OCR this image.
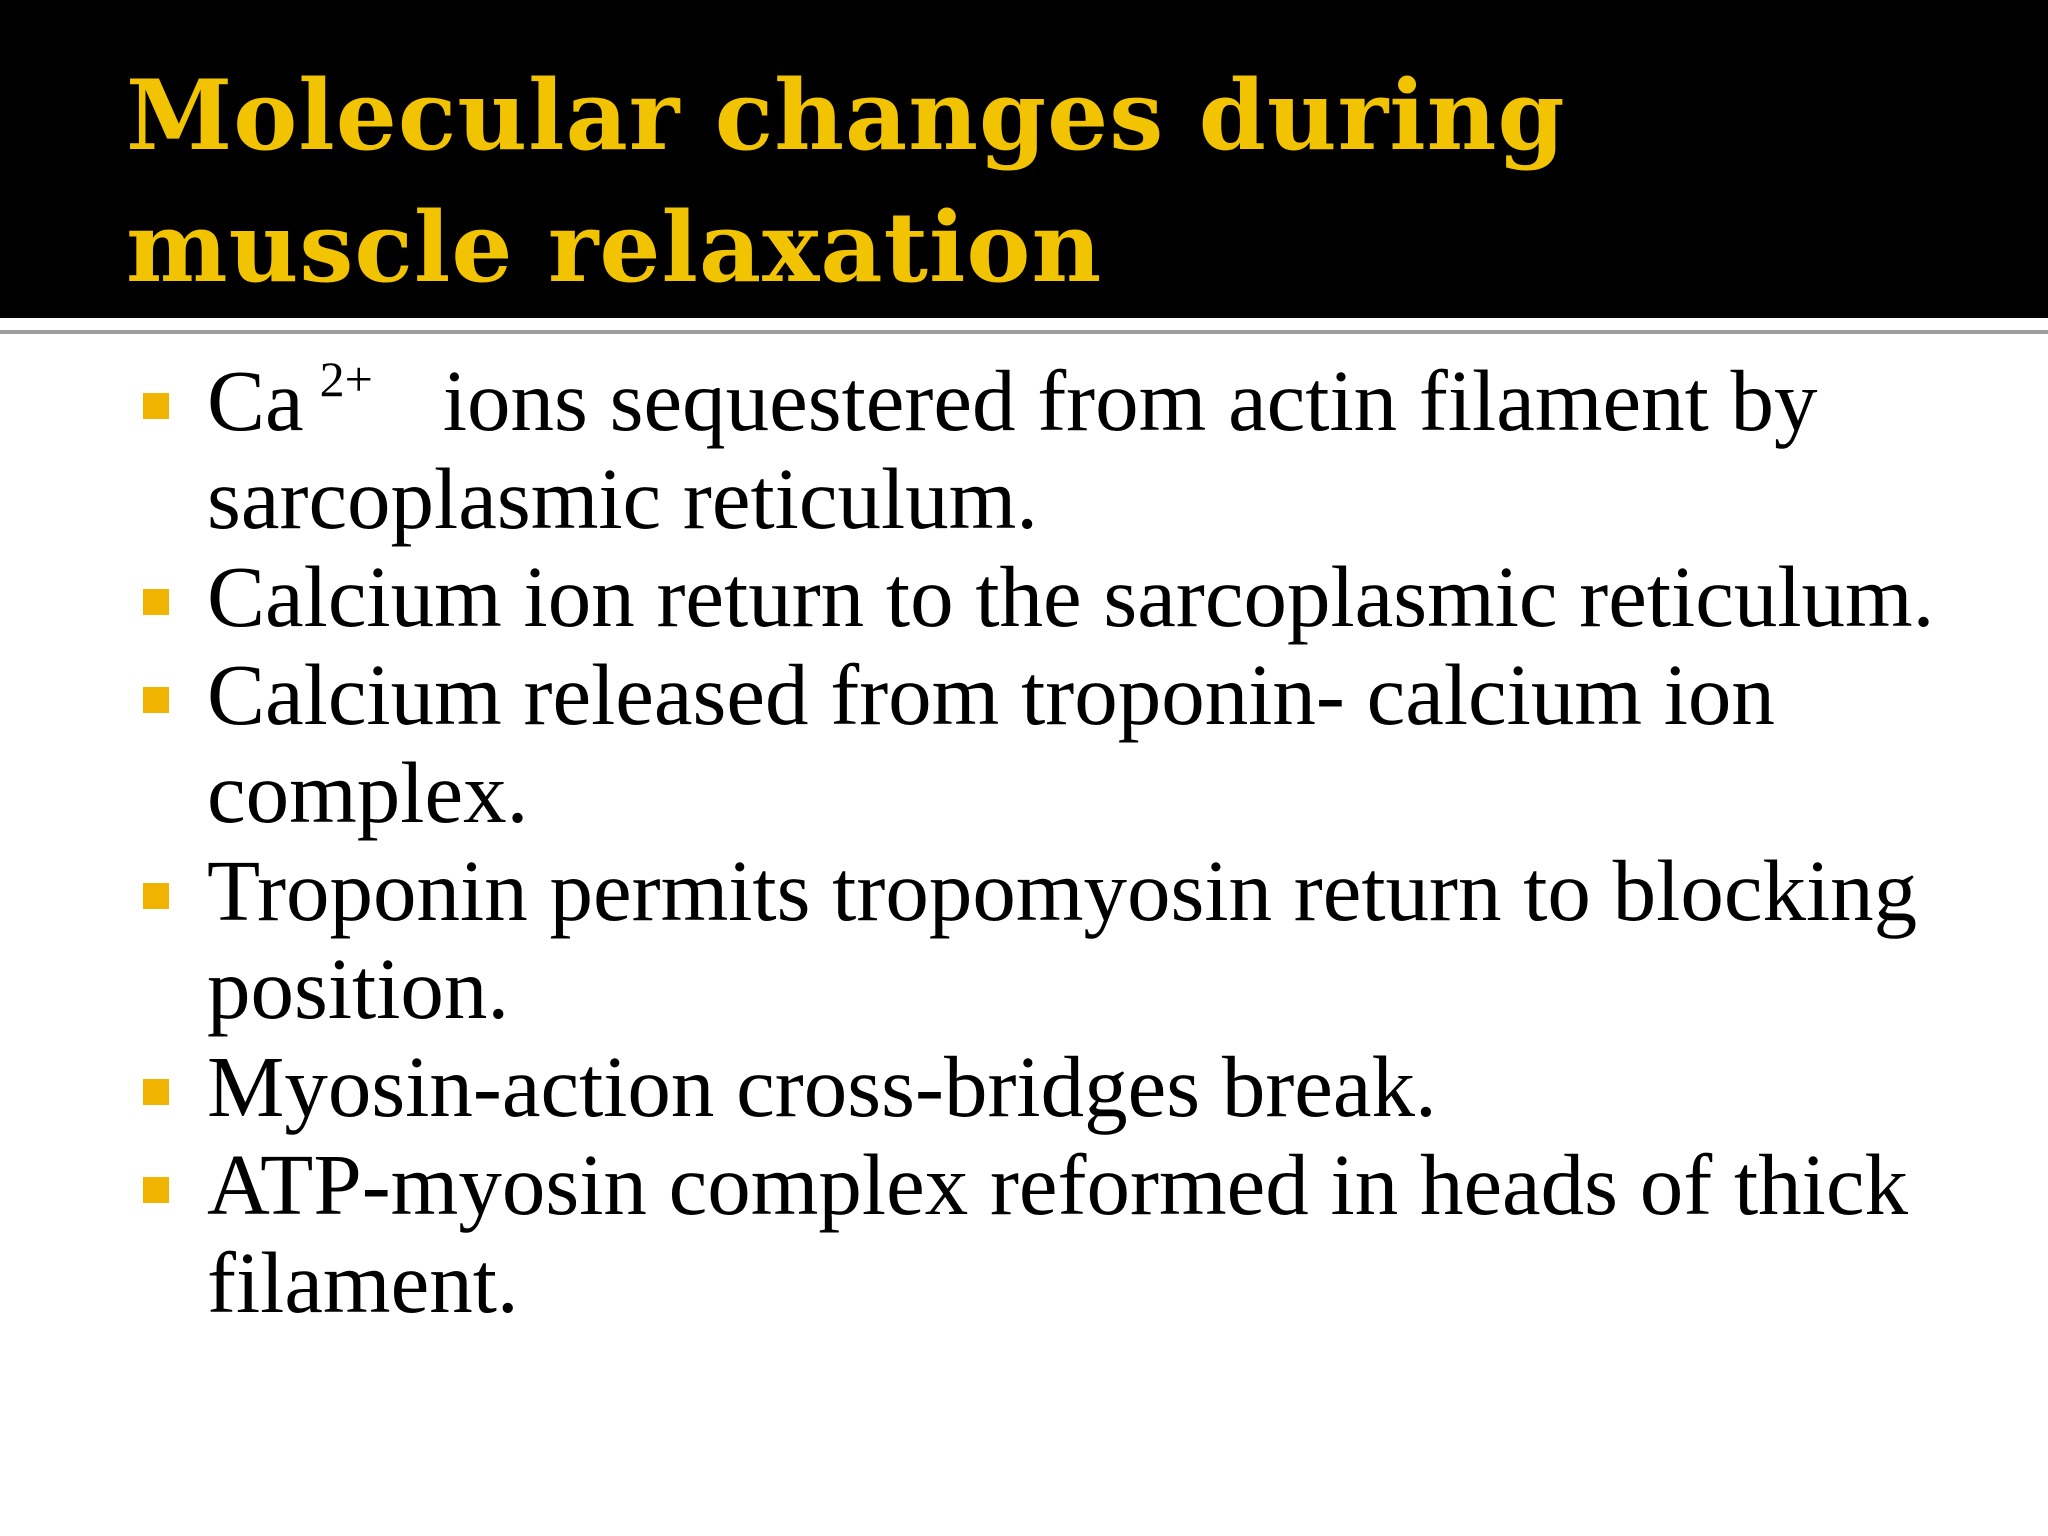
Molecular changes during muscle relaxation
Ca $^{2+}$ ions sequestered from actin filament by sarcoplasmic reticulum.
Calcium ion return to the sarcoplasmic reticulum.
Calcium released from troponin- calcium ion complex.
Troponin permits tropomyosin return to blocking position.
Myosin-action cross-bridges break.
ATP-myosin complex reformed in heads of thick filament.
